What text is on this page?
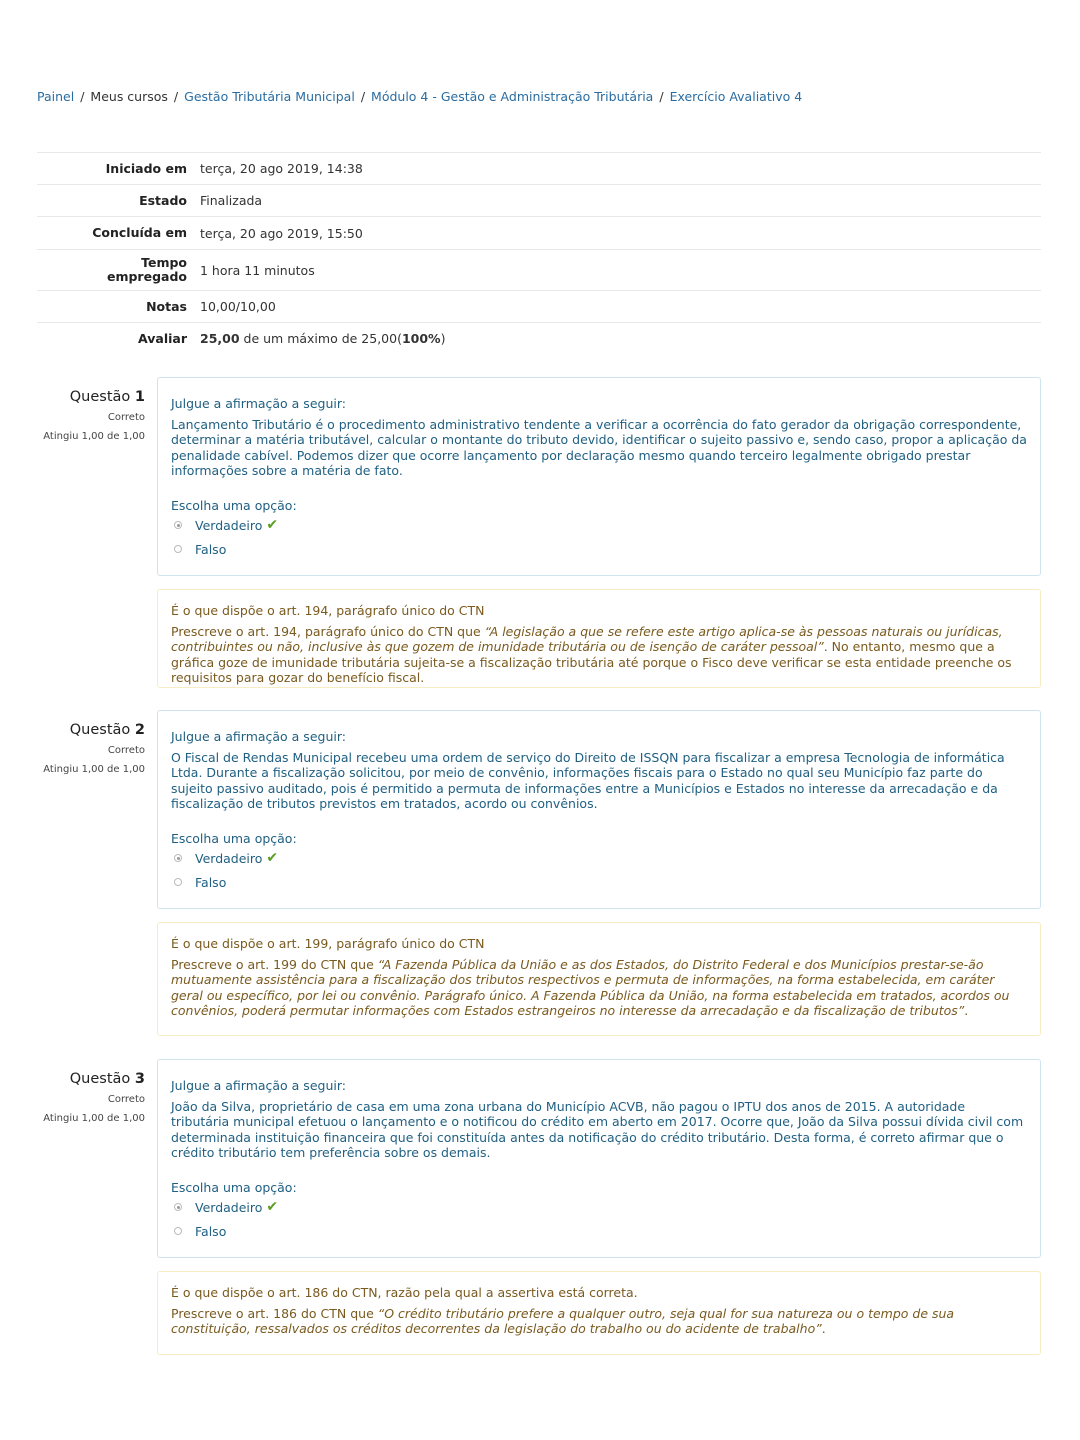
Painel / Meus cursos / Gestão Tributária Municipal / Módulo 4 - Gestão e Administração Tributária / Exercício Avaliativo 4
Iniciado em	terça, 20 ago 2019, 14:38
Estado	Finalizada
Concluída em	terça, 20 ago 2019, 15:50
Tempo empregado	1 hora 11 minutos
Notas	10,00/10,00
Avaliar	25,00 de um máximo de 25,00(100%)
Questão 1
Correto
Atingiu 1,00 de 1,00
Julgue a afirmação a seguir:
Lançamento Tributário é o procedimento administrativo tendente a verificar a ocorrência do fato gerador da obrigação correspondente, determinar a matéria tributável, calcular o montante do tributo devido, identificar o sujeito passivo e, sendo caso, propor a aplicação da penalidade cabível. Podemos dizer que ocorre lançamento por declaração mesmo quando terceiro legalmente obrigado prestar informações sobre a matéria de fato.
Escolha uma opção:
Verdadeiro ✔
Falso
É o que dispõe o art. 194, parágrafo único do CTN
Prescreve o art. 194, parágrafo único do CTN que “A legislação a que se refere este artigo aplica-se às pessoas naturais ou jurídicas, contribuintes ou não, inclusive às que gozem de imunidade tributária ou de isenção de caráter pessoal”. No entanto, mesmo que a gráfica goze de imunidade tributária sujeita-se a fiscalização tributária até porque o Fisco deve verificar se esta entidade preenche os requisitos para gozar do benefício fiscal.
Questão 2
Correto
Atingiu 1,00 de 1,00
Julgue a afirmação a seguir:
O Fiscal de Rendas Municipal recebeu uma ordem de serviço do Direito de ISSQN para fiscalizar a empresa Tecnologia de informática Ltda. Durante a fiscalização solicitou, por meio de convênio, informações fiscais para o Estado no qual seu Município faz parte do sujeito passivo auditado, pois é permitido a permuta de informações entre a Municípios e Estados no interesse da arrecadação e da fiscalização de tributos previstos em tratados, acordo ou convênios.
Escolha uma opção:
Verdadeiro ✔
Falso
É o que dispõe o art. 199, parágrafo único do CTN
Prescreve o art. 199 do CTN que “A Fazenda Pública da União e as dos Estados, do Distrito Federal e dos Municípios prestar-se-ão mutuamente assistência para a fiscalização dos tributos respectivos e permuta de informações, na forma estabelecida, em caráter geral ou específico, por lei ou convênio. Parágrafo único. A Fazenda Pública da União, na forma estabelecida em tratados, acordos ou convênios, poderá permutar informações com Estados estrangeiros no interesse da arrecadação e da fiscalização de tributos”.
Questão 3
Correto
Atingiu 1,00 de 1,00
Julgue a afirmação a seguir:
João da Silva, proprietário de casa em uma zona urbana do Município ACVB, não pagou o IPTU dos anos de 2015. A autoridade tributária municipal efetuou o lançamento e o notificou do crédito em aberto em 2017. Ocorre que, João da Silva possui dívida civil com determinada instituição financeira que foi constituída antes da notificação do crédito tributário. Desta forma, é correto afirmar que o crédito tributário tem preferência sobre os demais.
Escolha uma opção:
Verdadeiro ✔
Falso
É o que dispõe o art. 186 do CTN, razão pela qual a assertiva está correta.
Prescreve o art. 186 do CTN que “O crédito tributário prefere a qualquer outro, seja qual for sua natureza ou o tempo de sua constituição, ressalvados os créditos decorrentes da legislação do trabalho ou do acidente de trabalho”.
